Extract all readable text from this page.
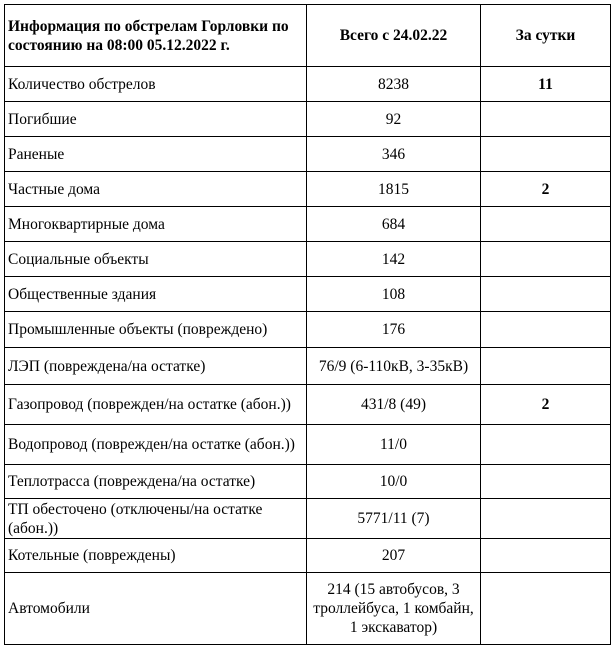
Информация по обстрелам Горловки по состоянию на 08:00 05.12.2022 г.	Всего с 24.02.22	За сутки
Количество обстрелов	8238	11
Погибшие	92	
Раненые	346	
Частные дома	1815	2
Многоквартирные дома	684	
Социальные объекты	142	
Общественные здания	108	
Промышленные объекты (повреждено)	176	
ЛЭП (повреждена/на остатке)	76/9 (6-110кВ, 3-35кВ)	
Газопровод (поврежден/на остатке (абон.))	431/8 (49)	2
Водопровод (поврежден/на остатке (абон.))	11/0	
Теплотрасса (повреждена/на остатке)	10/0	
ТП обесточено (отключены/на остатке (абон.))	5771/11 (7)	
Котельные (повреждены)	207	
Автомобили	214 (15 автобусов, 3 троллейбуса, 1 комбайн, 1 экскаватор)	
